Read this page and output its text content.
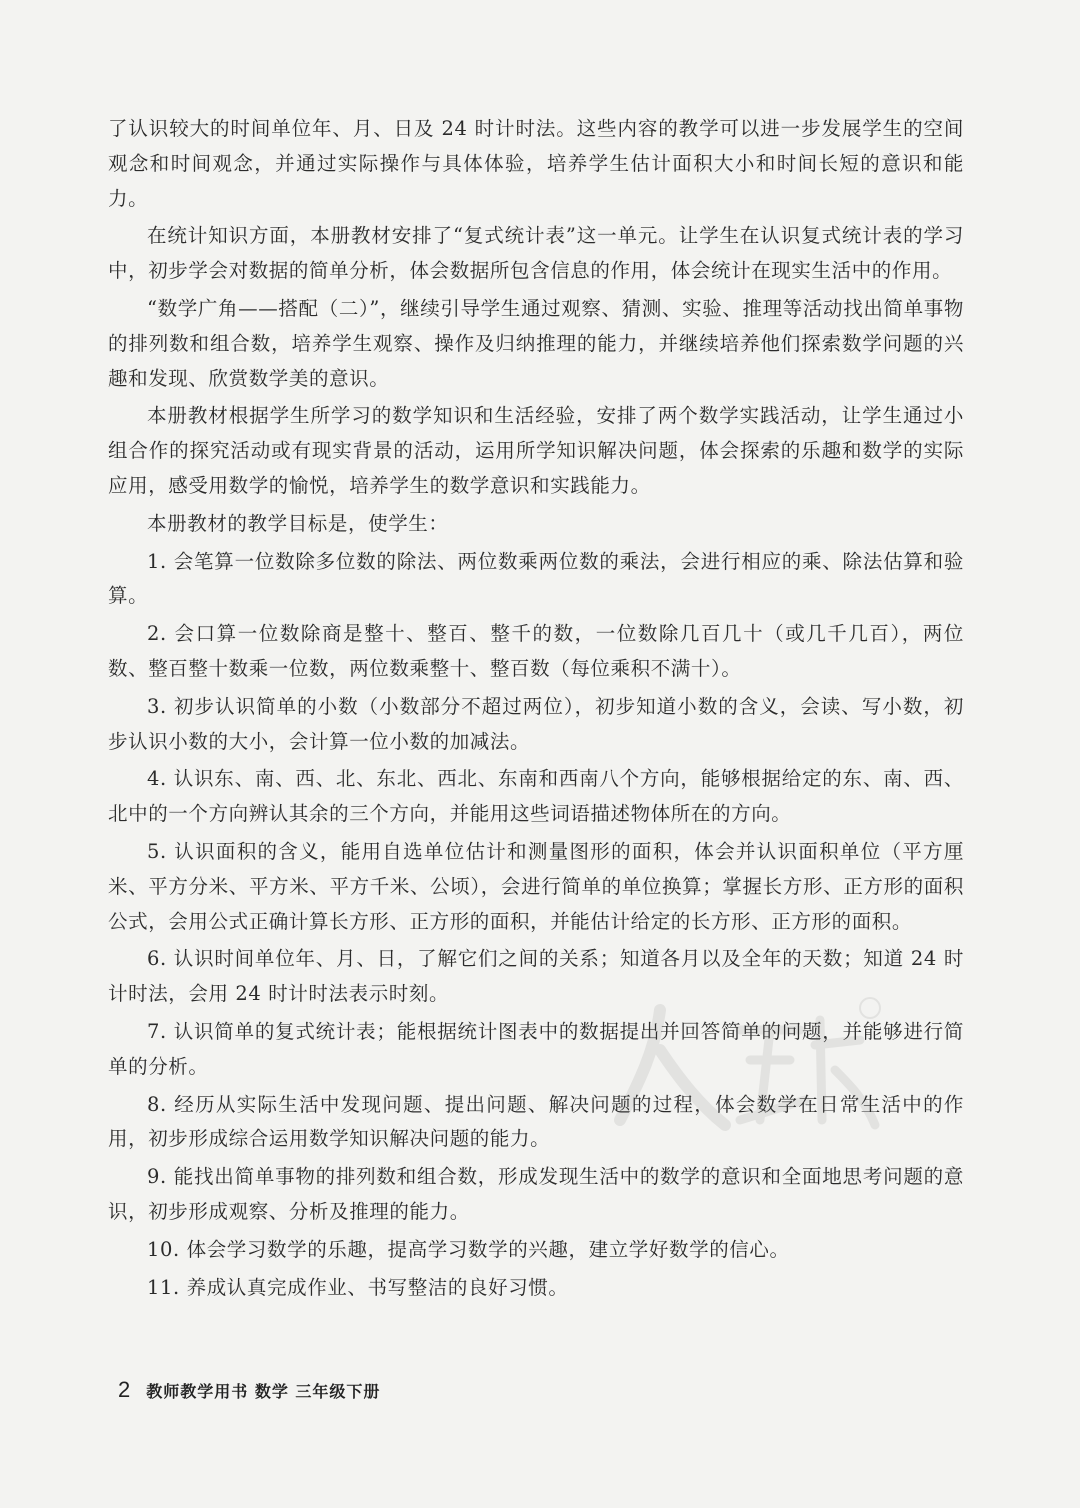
了认识较大的时间单位年、月、日及 24 时计时法。这些内容的教学可以进一步发展学生的空间观念和时间观念，并通过实际操作与具体体验，培养学生估计面积大小和时间长短的意识和能力。

在统计知识方面，本册教材安排了“复式统计表”这一单元。让学生在认识复式统计表的学习中，初步学会对数据的简单分析，体会数据所包含信息的作用，体会统计在现实生活中的作用。

“数学广角——搭配（二）”，继续引导学生通过观察、猜测、实验、推理等活动找出简单事物的排列数和组合数，培养学生观察、操作及归纳推理的能力，并继续培养他们探索数学问题的兴趣和发现、欣赏数学美的意识。

本册教材根据学生所学习的数学知识和生活经验，安排了两个数学实践活动，让学生通过小组合作的探究活动或有现实背景的活动，运用所学知识解决问题，体会探索的乐趣和数学的实际应用，感受用数学的愉悦，培养学生的数学意识和实践能力。

本册教材的教学目标是，使学生：

1. 会笔算一位数除多位数的除法、两位数乘两位数的乘法，会进行相应的乘、除法估算和验算。

2. 会口算一位数除商是整十、整百、整千的数，一位数除几百几十（或几千几百），两位数、整百整十数乘一位数，两位数乘整十、整百数（每位乘积不满十）。

3. 初步认识简单的小数（小数部分不超过两位），初步知道小数的含义，会读、写小数，初步认识小数的大小，会计算一位小数的加减法。

4. 认识东、南、西、北、东北、西北、东南和西南八个方向，能够根据给定的东、南、西、北中的一个方向辨认其余的三个方向，并能用这些词语描述物体所在的方向。

5. 认识面积的含义，能用自选单位估计和测量图形的面积，体会并认识面积单位（平方厘米、平方分米、平方米、平方千米、公顷），会进行简单的单位换算；掌握长方形、正方形的面积公式，会用公式正确计算长方形、正方形的面积，并能估计给定的长方形、正方形的面积。

6. 认识时间单位年、月、日，了解它们之间的关系；知道各月以及全年的天数；知道 24 时计时法，会用 24 时计时法表示时刻。

7. 认识简单的复式统计表；能根据统计图表中的数据提出并回答简单的问题，并能够进行简单的分析。

8. 经历从实际生活中发现问题、提出问题、解决问题的过程，体会数学在日常生活中的作用，初步形成综合运用数学知识解决问题的能力。

9. 能找出简单事物的排列数和组合数，形成发现生活中的数学的意识和全面地思考问题的意识，初步形成观察、分析及推理的能力。

10. 体会学习数学的乐趣，提高学习数学的兴趣，建立学好数学的信心。

11. 养成认真完成作业、书写整洁的良好习惯。

2 教师教学用书 数学 三年级下册
